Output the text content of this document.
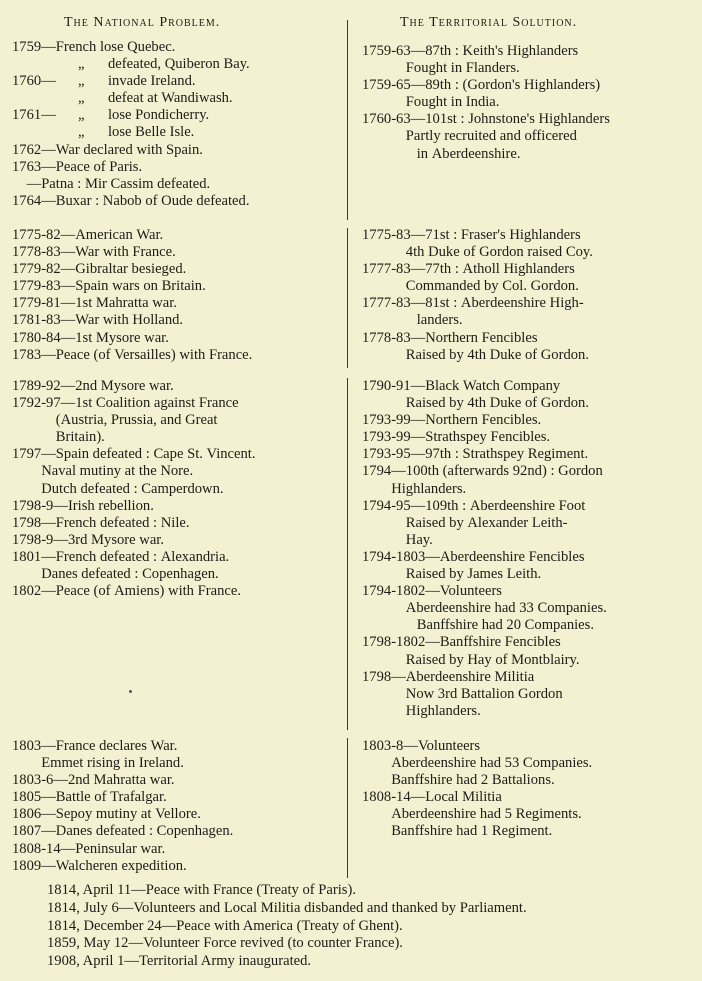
The National Problem.	The Territorial Solution.
1759—French lose Quebec.
„ defeated, Quiberon Bay.
1760— „ invade Ireland.
„ defeat at Wandiwash.
1761— „ lose Pondicherry.
„ lose Belle Isle.
1762—War declared with Spain.
1763—Peace of Paris.
—Patna : Mir Cassim defeated.
1764—Buxar : Nabob of Oude defeated.
1775-82—American War.
1778-83—War with France.
1779-82—Gibraltar besieged.
1779-83—Spain wars on Britain.
1779-81—1st Mahratta war.
1781-83—War with Holland.
1780-84—1st Mysore war.
1783—Peace (of Versailles) with France.
1789-92—2nd Mysore war.
1792-97—1st Coalition against France
(Austria, Prussia, and Great
Britain).
1797—Spain defeated : Cape St. Vincent.
Naval mutiny at the Nore.
Dutch defeated : Camperdown.
1798-9—Irish rebellion.
1798—French defeated : Nile.
1798-9—3rd Mysore war.
1801—French defeated : Alexandria.
Danes defeated : Copenhagen.
1802—Peace (of Amiens) with France.
1803—France declares War.
Emmet rising in Ireland.
1803-6—2nd Mahratta war.
1805—Battle of Trafalgar.
1806—Sepoy mutiny at Vellore.
1807—Danes defeated : Copenhagen.
1808-14—Peninsular war.
1809—Walcheren expedition.
1759-63—87th : Keith's Highlanders
Fought in Flanders.
1759-65—89th : (Gordon's Highlanders)
Fought in India.
1760-63—101st : Johnstone's Highlanders
Partly recruited and officered
in Aberdeenshire.
1775-83—71st : Fraser's Highlanders
4th Duke of Gordon raised Coy.
1777-83—77th : Atholl Highlanders
Commanded by Col. Gordon.
1777-83—81st : Aberdeenshire High-
landers.
1778-83—Northern Fencibles
Raised by 4th Duke of Gordon.
1790-91—Black Watch Company
Raised by 4th Duke of Gordon.
1793-99—Northern Fencibles.
1793-99—Strathspey Fencibles.
1793-95—97th : Strathspey Regiment.
1794—100th (afterwards 92nd) : Gordon
Highlanders.
1794-95—109th : Aberdeenshire Foot
Raised by Alexander Leith-
Hay.
1794-1803—Aberdeenshire Fencibles
Raised by James Leith.
1794-1802—Volunteers
Aberdeenshire had 33 Companies.
Banffshire had 20 Companies.
1798-1802—Banffshire Fencibles
Raised by Hay of Montblairy.
1798—Aberdeenshire Militia
Now 3rd Battalion Gordon
Highlanders.
1803-8—Volunteers
Aberdeenshire had 53 Companies.
Banffshire had 2 Battalions.
1808-14—Local Militia
Aberdeenshire had 5 Regiments.
Banffshire had 1 Regiment.
1814, April 11—Peace with France (Treaty of Paris).
1814, July 6—Volunteers and Local Militia disbanded and thanked by Parliament.
1814, December 24—Peace with America (Treaty of Ghent).
1859, May 12—Volunteer Force revived (to counter France).
1908, April 1—Territorial Army inaugurated.
